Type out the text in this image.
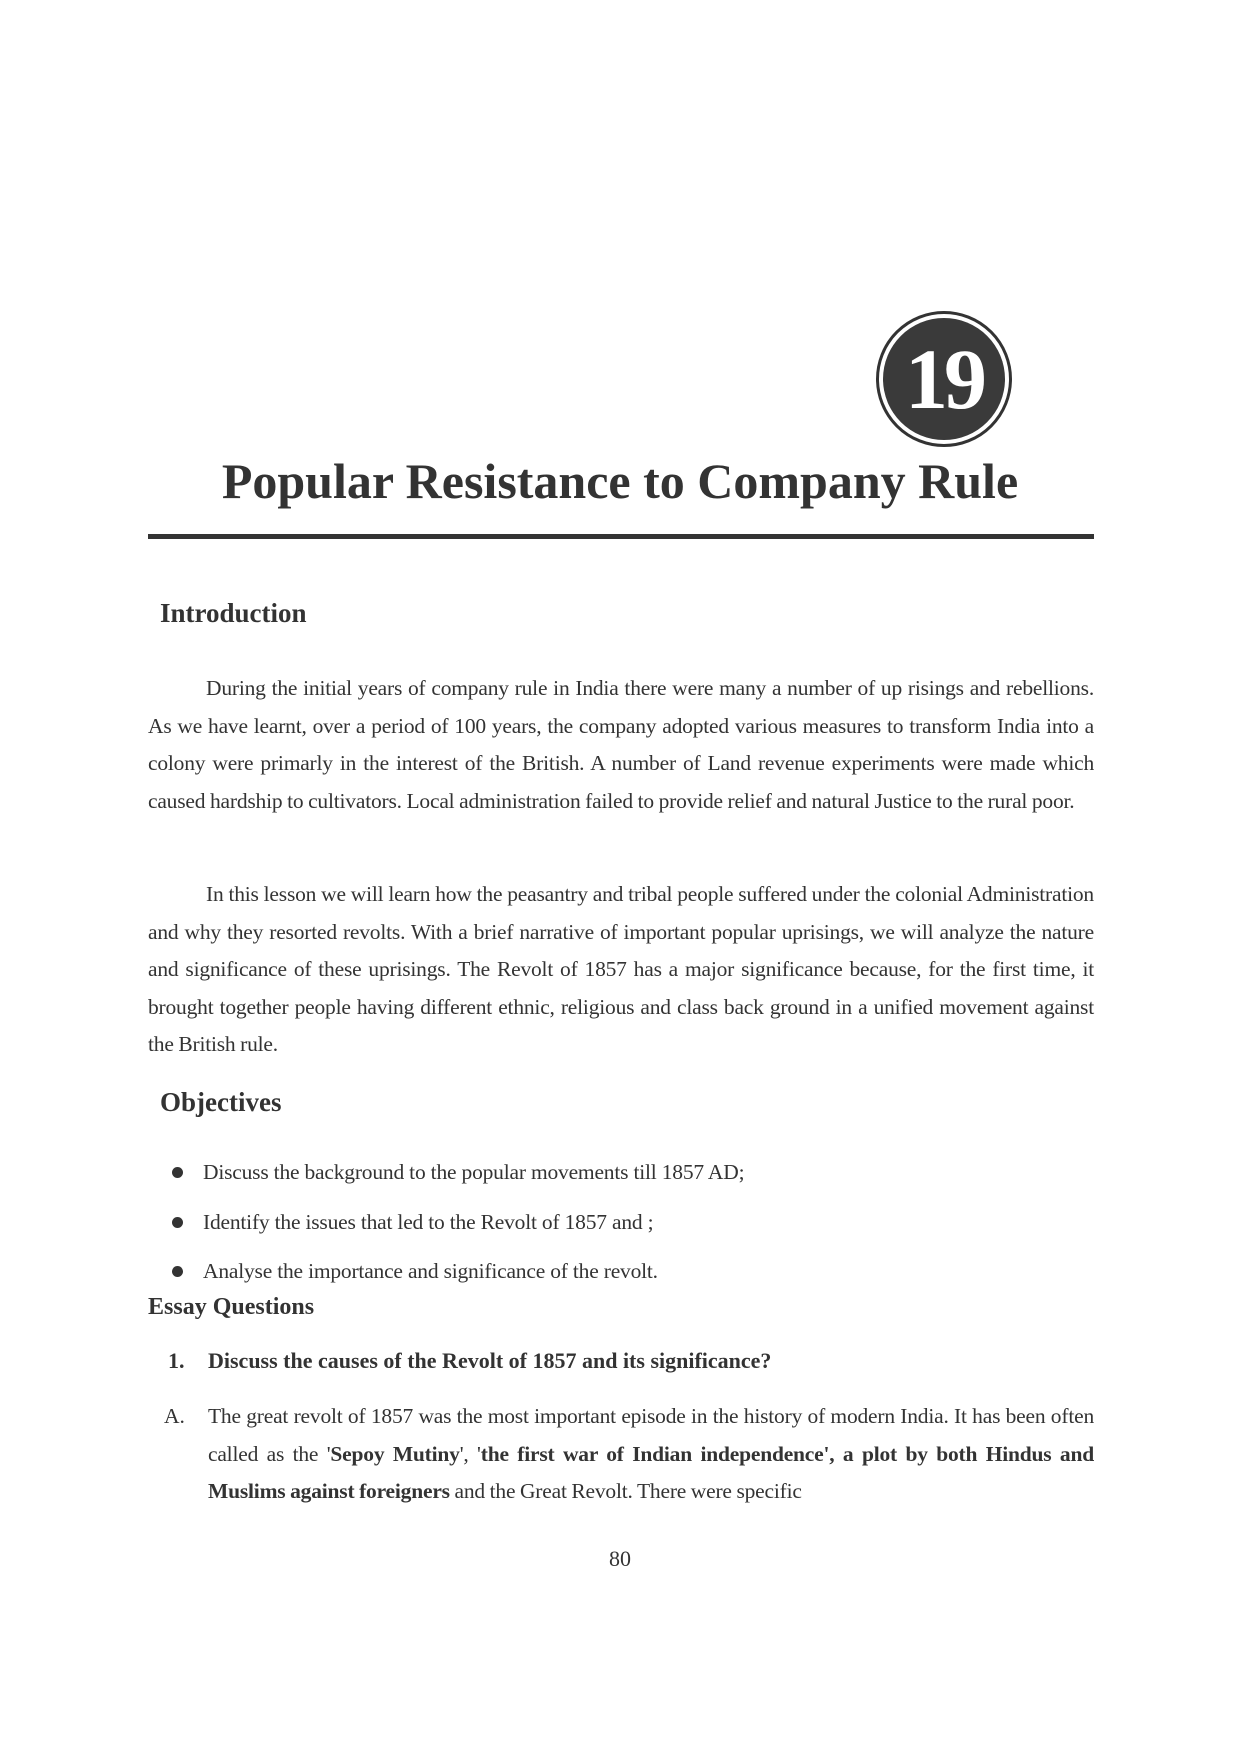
19
Popular Resistance to Company Rule
Introduction

During the initial years of company rule in India there were many a number of up risings and rebellions. As we have learnt, over a period of 100 years, the company adopted various measures to transform India into a colony were primarly in the interest of the British. A number of Land revenue experiments were made which caused hardship to cultivators. Local administration failed to provide relief and natural Justice to the rural poor.

In this lesson we will learn how the peasantry and tribal people suffered under the colonial Administration and why they resorted revolts. With a brief narrative of important popular uprisings, we will analyze the nature and significance of these uprisings. The Revolt of 1857 has a major significance because, for the first time, it brought together people having different ethnic, religious and class back ground in a unified movement against the British rule.

Objectives
Discuss the background to the popular movements till 1857 AD;
Identify the issues that led to the Revolt of 1857 and ;
Analyse the importance and significance of the revolt.
Essay Questions

1.	Discuss the causes of the Revolt of 1857 and its significance?

A.	The great revolt of 1857 was the most important episode in the history of modern India. It has been often called as the 'Sepoy Mutiny', 'the first war of Indian independence', a plot by both Hindus and Muslims against foreigners and the Great Revolt. There were specific
80
